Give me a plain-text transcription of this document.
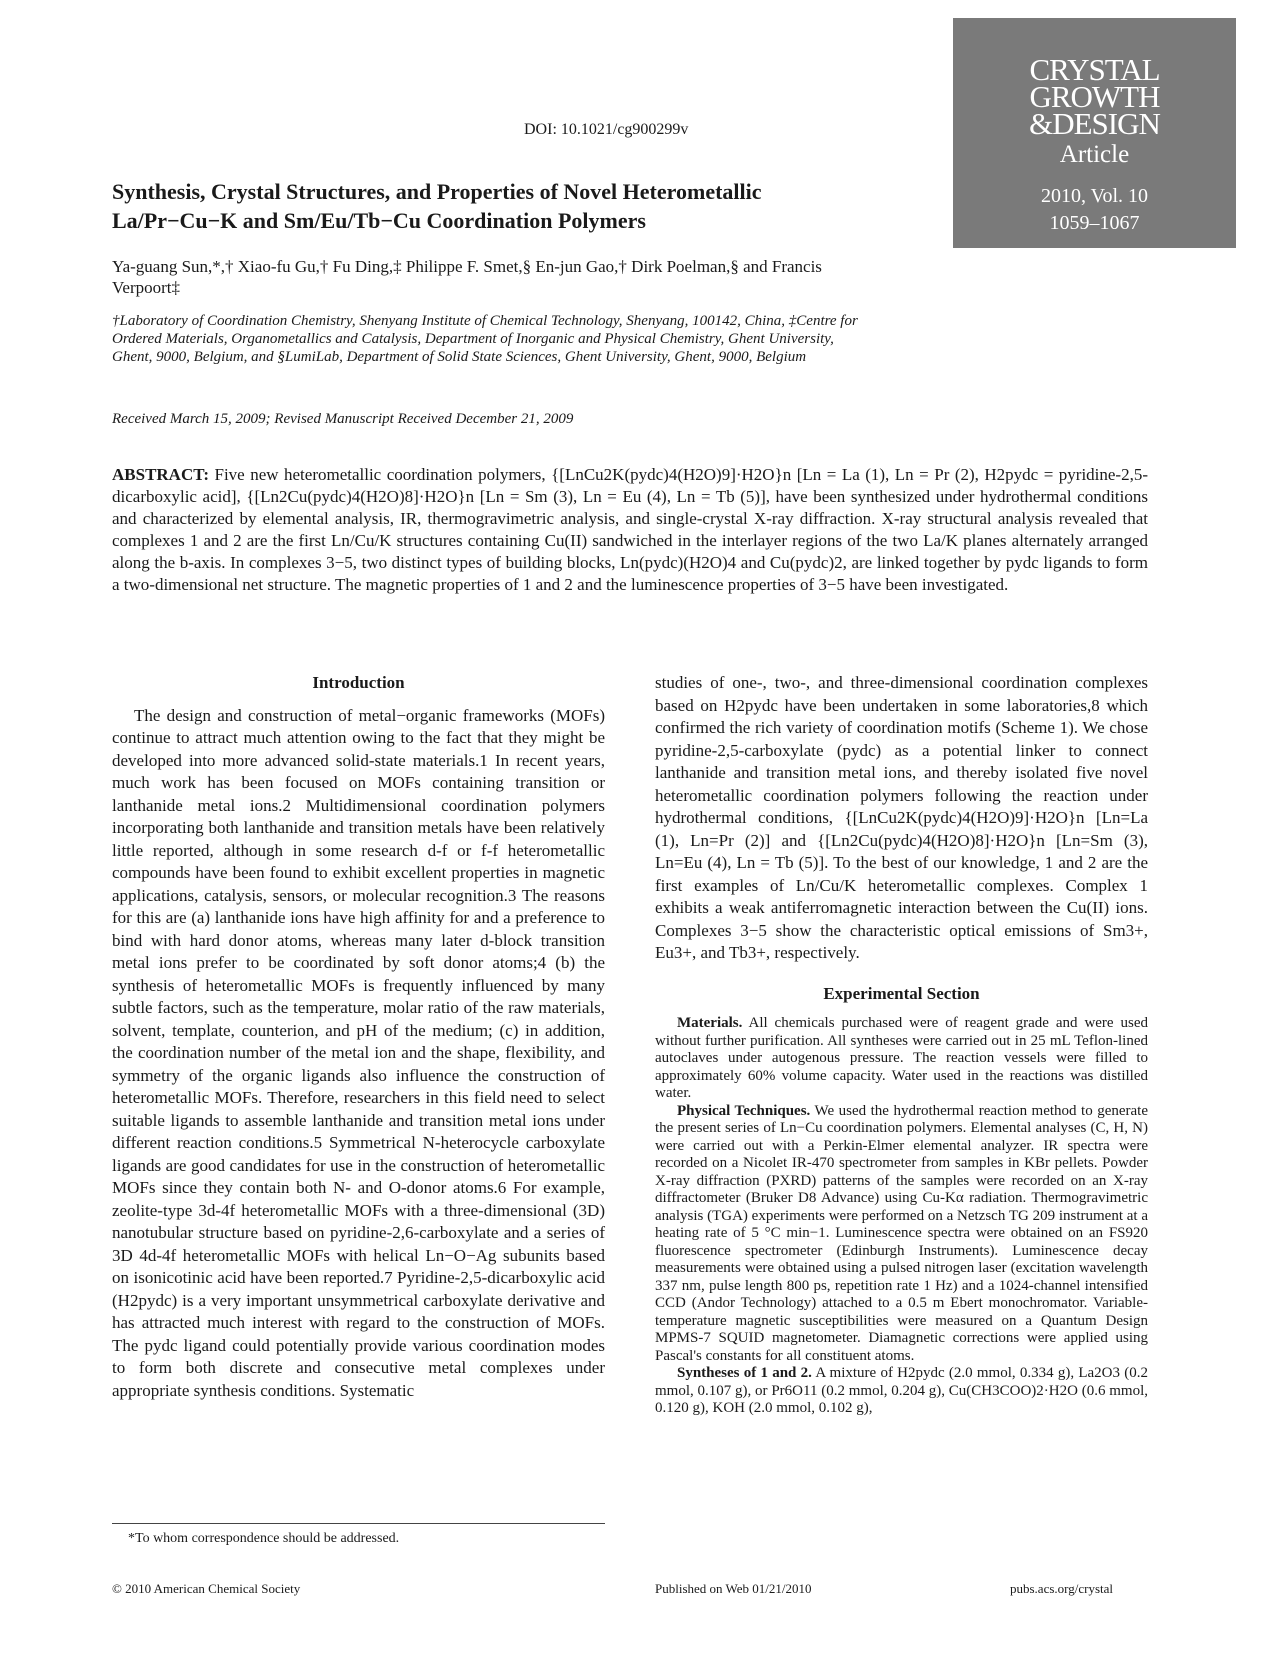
DOI: 10.1021/cg900299v
CRYSTAL
GROWTH
&DESIGN
Article
2010, Vol. 10
1059–1067
Synthesis, Crystal Structures, and Properties of Novel Heterometallic
La/Pr−Cu−K and Sm/Eu/Tb−Cu Coordination Polymers
Ya-guang Sun,*,† Xiao-fu Gu,† Fu Ding,‡ Philippe F. Smet,§ En-jun Gao,† Dirk Poelman,§ and Francis Verpoort‡
†Laboratory of Coordination Chemistry, Shenyang Institute of Chemical Technology, Shenyang, 100142, China, ‡Centre for Ordered Materials, Organometallics and Catalysis, Department of Inorganic and Physical Chemistry, Ghent University, Ghent, 9000, Belgium, and §LumiLab, Department of Solid State Sciences, Ghent University, Ghent, 9000, Belgium
Received March 15, 2009; Revised Manuscript Received December 21, 2009
ABSTRACT: Five new heterometallic coordination polymers, {[LnCu2K(pydc)4(H2O)9]·H2O}n [Ln = La (1), Ln = Pr (2), H2pydc = pyridine-2,5-dicarboxylic acid], {[Ln2Cu(pydc)4(H2O)8]·H2O}n [Ln = Sm (3), Ln = Eu (4), Ln = Tb (5)], have been synthesized under hydrothermal conditions and characterized by elemental analysis, IR, thermogravimetric analysis, and single-crystal X-ray diffraction. X-ray structural analysis revealed that complexes 1 and 2 are the first Ln/Cu/K structures containing Cu(II) sandwiched in the interlayer regions of the two La/K planes alternately arranged along the b-axis. In complexes 3−5, two distinct types of building blocks, Ln(pydc)(H2O)4 and Cu(pydc)2, are linked together by pydc ligands to form a two-dimensional net structure. The magnetic properties of 1 and 2 and the luminescence properties of 3−5 have been investigated.
Introduction

The design and construction of metal−organic frameworks (MOFs) continue to attract much attention owing to the fact that they might be developed into more advanced solid-state materials.1 In recent years, much work has been focused on MOFs containing transition or lanthanide metal ions.2 Multidimensional coordination polymers incorporating both lanthanide and transition metals have been relatively little reported, although in some research d-f or f-f heterometallic compounds have been found to exhibit excellent properties in magnetic applications, catalysis, sensors, or molecular recognition.3 The reasons for this are (a) lanthanide ions have high affinity for and a preference to bind with hard donor atoms, whereas many later d-block transition metal ions prefer to be coordinated by soft donor atoms;4 (b) the synthesis of heterometallic MOFs is frequently influenced by many subtle factors, such as the temperature, molar ratio of the raw materials, solvent, template, counterion, and pH of the medium; (c) in addition, the coordination number of the metal ion and the shape, flexibility, and symmetry of the organic ligands also influence the construction of heterometallic MOFs. Therefore, researchers in this field need to select suitable ligands to assemble lanthanide and transition metal ions under different reaction conditions.5 Symmetrical N-heterocycle carboxylate ligands are good candidates for use in the construction of heterometallic MOFs since they contain both N- and O-donor atoms.6 For example, zeolite-type 3d-4f heterometallic MOFs with a three-dimensional (3D) nanotubular structure based on pyridine-2,6-carboxylate and a series of 3D 4d-4f heterometallic MOFs with helical Ln−O−Ag subunits based on isonicotinic acid have been reported.7 Pyridine-2,5-dicarboxylic acid (H2pydc) is a very important unsymmetrical carboxylate derivative and has attracted much interest with regard to the construction of MOFs. The pydc ligand could potentially provide various coordination modes to form both discrete and consecutive metal complexes under appropriate synthesis conditions. Systematic

studies of one-, two-, and three-dimensional coordination complexes based on H2pydc have been undertaken in some laboratories,8 which confirmed the rich variety of coordination motifs (Scheme 1). We chose pyridine-2,5-carboxylate (pydc) as a potential linker to connect lanthanide and transition metal ions, and thereby isolated five novel heterometallic coordination polymers following the reaction under hydrothermal conditions, {[LnCu2K(pydc)4(H2O)9]·H2O}n [Ln=La (1), Ln=Pr (2)] and {[Ln2Cu(pydc)4(H2O)8]·H2O}n [Ln=Sm (3), Ln=Eu (4), Ln = Tb (5)]. To the best of our knowledge, 1 and 2 are the first examples of Ln/Cu/K heterometallic complexes. Complex 1 exhibits a weak antiferromagnetic interaction between the Cu(II) ions. Complexes 3−5 show the characteristic optical emissions of Sm3+, Eu3+, and Tb3+, respectively.

Experimental Section

Materials. All chemicals purchased were of reagent grade and were used without further purification. All syntheses were carried out in 25 mL Teflon-lined autoclaves under autogenous pressure. The reaction vessels were filled to approximately 60% volume capacity. Water used in the reactions was distilled water.

Physical Techniques. We used the hydrothermal reaction method to generate the present series of Ln−Cu coordination polymers. Elemental analyses (C, H, N) were carried out with a Perkin-Elmer elemental analyzer. IR spectra were recorded on a Nicolet IR-470 spectrometer from samples in KBr pellets. Powder X-ray diffraction (PXRD) patterns of the samples were recorded on an X-ray diffractometer (Bruker D8 Advance) using Cu-Kα radiation. Thermogravimetric analysis (TGA) experiments were performed on a Netzsch TG 209 instrument at a heating rate of 5 °C min−1. Luminescence spectra were obtained on an FS920 fluorescence spectrometer (Edinburgh Instruments). Luminescence decay measurements were obtained using a pulsed nitrogen laser (excitation wavelength 337 nm, pulse length 800 ps, repetition rate 1 Hz) and a 1024-channel intensified CCD (Andor Technology) attached to a 0.5 m Ebert monochromator. Variable-temperature magnetic susceptibilities were measured on a Quantum Design MPMS-7 SQUID magnetometer. Diamagnetic corrections were applied using Pascal's constants for all constituent atoms.

Syntheses of 1 and 2. A mixture of H2pydc (2.0 mmol, 0.334 g), La2O3 (0.2 mmol, 0.107 g), or Pr6O11 (0.2 mmol, 0.204 g), Cu(CH3COO)2·H2O (0.6 mmol, 0.120 g), KOH (2.0 mmol, 0.102 g),

*To whom correspondence should be addressed.
© 2010 American Chemical Society	Published on Web 01/21/2010	pubs.acs.org/crystal
